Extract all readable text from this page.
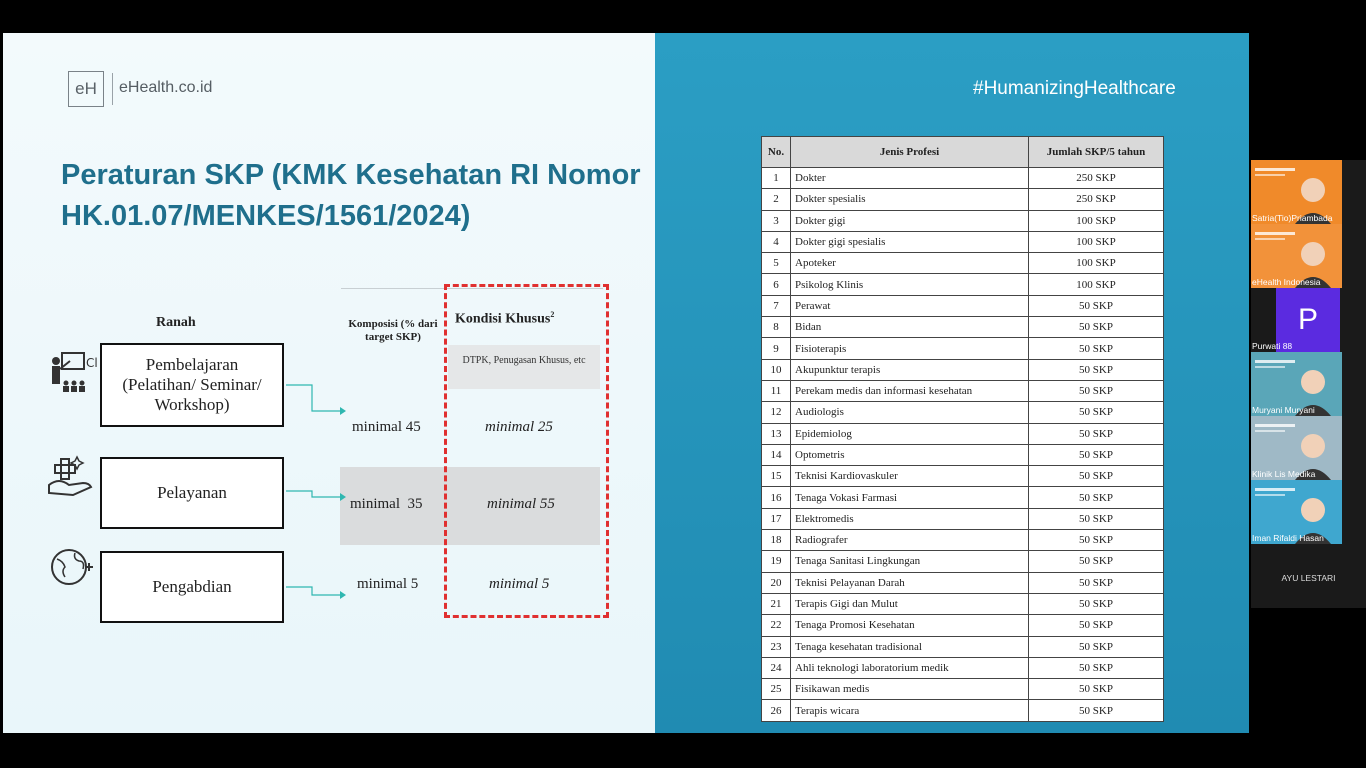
eH	eHealth.co.id
Peraturan SKP (KMK Kesehatan RI Nomor HK.01.07/MENKES/1561/2024)
Ranah	Komposisi (% dari target SKP)
Kondisi Khusus$^2$
DTPK, Penugasan Khusus, etc
Cl	Pembelajaran (Pelatihan/ Seminar/ Workshop)
Pelayanan
Pengabdian
minimal 45	minimal 25
minimal  35	minimal 55
minimal 5	minimal 5
#HumanizingHealthcare
No.	Jenis Profesi	Jumlah SKP/5 tahun
1	Dokter	250 SKP
2	Dokter spesialis	250 SKP
3	Dokter gigi	100 SKP
4	Dokter gigi spesialis	100 SKP
5	Apoteker	100 SKP
6	Psikolog Klinis	100 SKP
7	Perawat	50 SKP
8	Bidan	50 SKP
9	Fisioterapis	50 SKP
10	Akupunktur terapis	50 SKP
11	Perekam medis dan informasi kesehatan	50 SKP
12	Audiologis	50 SKP
13	Epidemiolog	50 SKP
14	Optometris	50 SKP
15	Teknisi Kardiovaskuler	50 SKP
16	Tenaga Vokasi Farmasi	50 SKP
17	Elektromedis	50 SKP
18	Radiografer	50 SKP
19	Tenaga Sanitasi Lingkungan	50 SKP
20	Teknisi Pelayanan Darah	50 SKP
21	Terapis Gigi dan Mulut	50 SKP
22	Tenaga Promosi Kesehatan	50 SKP
23	Tenaga kesehatan tradisional	50 SKP
24	Ahli teknologi laboratorium medik	50 SKP
25	Fisikawan medis	50 SKP
26	Terapis wicara	50 SKP
Satria(Tio)Priambada
eHealth Indonesia
P
Purwati 88
Muryani Muryani
Klinik Lis Medika
Iman Rifaldi Hasan
AYU LESTARI
